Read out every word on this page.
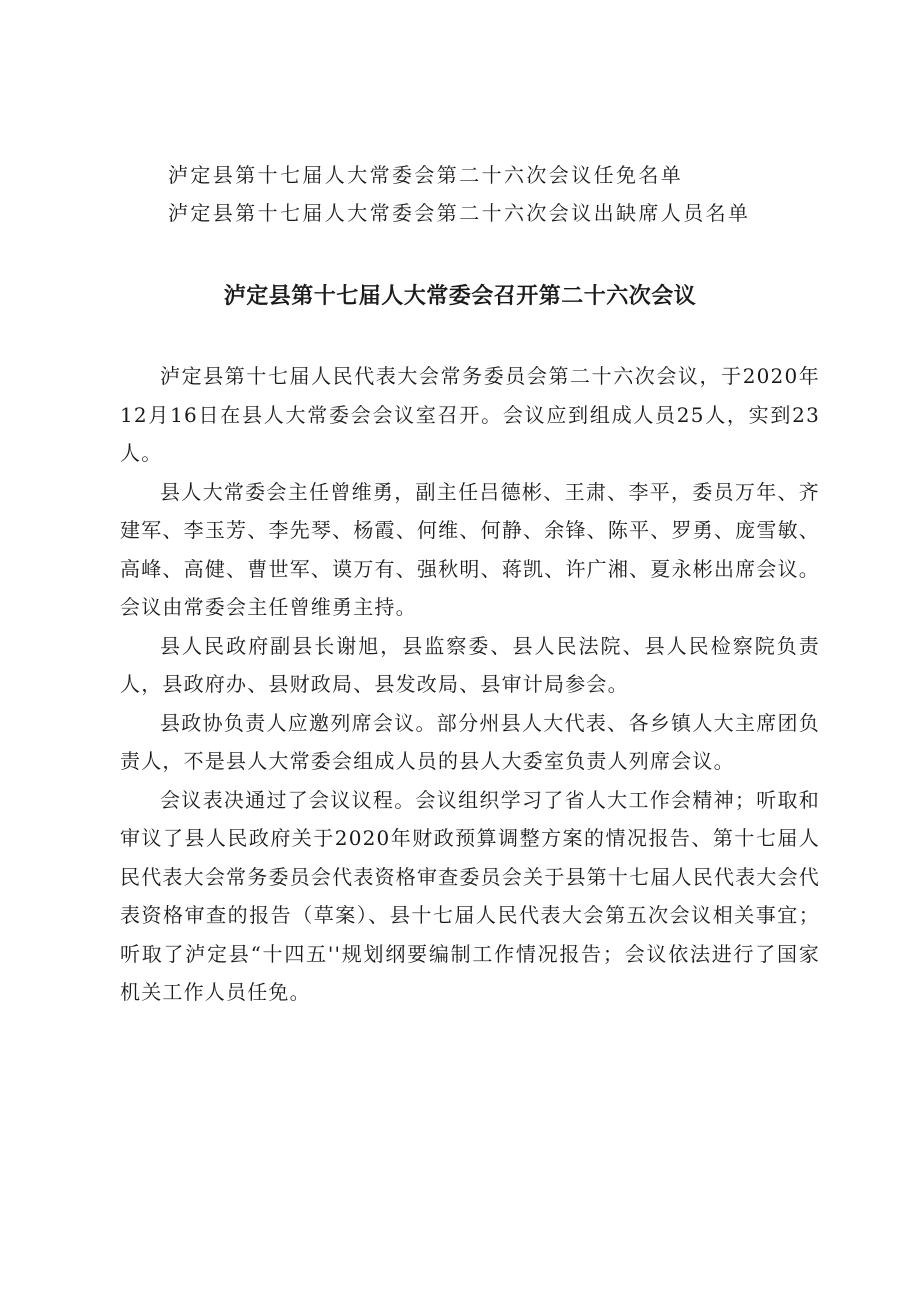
泸定县第十七届人大常委会第二十六次会议任免名单
泸定县第十七届人大常委会第二十六次会议出缺席人员名单
泸定县第十七届人大常委会召开第二十六次会议

泸定县第十七届人民代表大会常务委员会第二十六次会议，于2020年12月16日在县人大常委会会议室召开。会议应到组成人员25人，实到23人。

县人大常委会主任曾维勇，副主任吕德彬、王肃、李平，委员万年、齐建军、李玉芳、李先琴、杨霞、何维、何静、余锋、陈平、罗勇、庞雪敏、高峰、高健、曹世军、谟万有、强秋明、蒋凯、许广湘、夏永彬出席会议。会议由常委会主任曾维勇主持。

县人民政府副县长谢旭，县监察委、县人民法院、县人民检察院负责人，县政府办、县财政局、县发改局、县审计局参会。

县政协负责人应邀列席会议。部分州县人大代表、各乡镇人大主席团负责人，不是县人大常委会组成人员的县人大委室负责人列席会议。

会议表决通过了会议议程。会议组织学习了省人大工作会精神；听取和审议了县人民政府关于2020年财政预算调整方案的情况报告、第十七届人民代表大会常务委员会代表资格审查委员会关于县第十七届人民代表大会代表资格审查的报告（草案）、县十七届人民代表大会第五次会议相关事宜；听取了泸定县“十四五''规划纲要编制工作情况报告；会议依法进行了国家机关工作人员任免。
